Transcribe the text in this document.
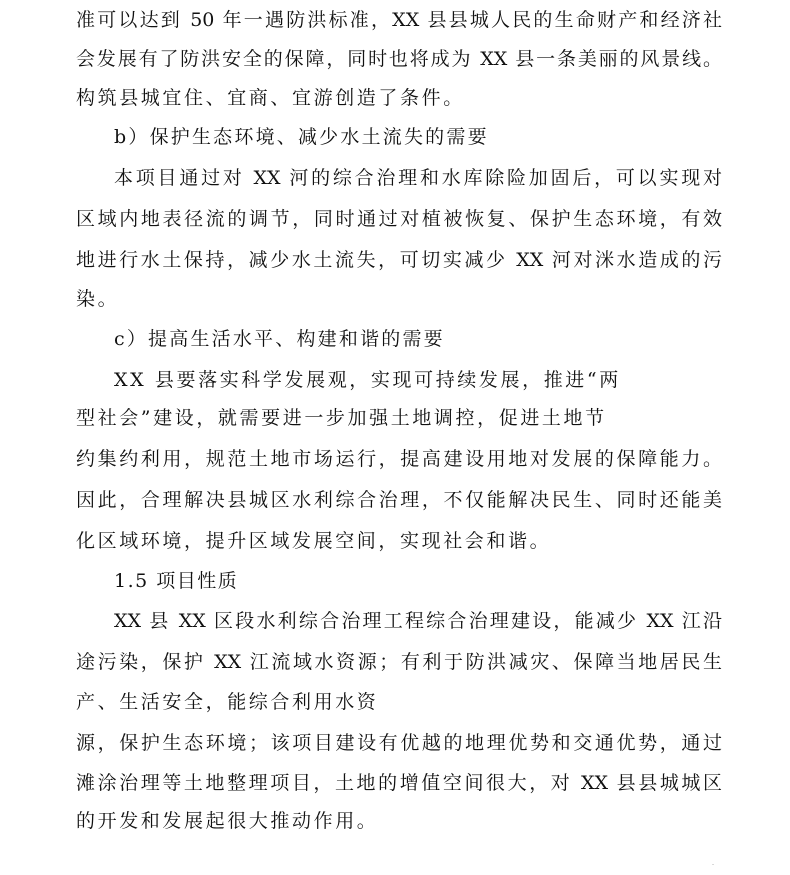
准可以达到 50 年一遇防洪标准，XX 县县城人民的生命财产和经济社
会发展有了防洪安全的保障，同时也将成为 XX 县一条美丽的风景线。
构筑县城宜住、宜商、宜游创造了条件。
b）保护生态环境、减少水土流失的需要
本项目通过对 XX 河的综合治理和水库除险加固后，可以实现对
区域内地表径流的调节，同时通过对植被恢复、保护生态环境，有效
地进行水土保持，减少水土流失，可切实减少 XX 河对洣水造成的污
染。
c）提高生活水平、构建和谐的需要
XX 县要落实科学发展观，实现可持续发展，推进“两
型社会”建设，就需要进一步加强土地调控，促进土地节
约集约利用，规范土地市场运行，提高建设用地对发展的保障能力。
因此，合理解决县城区水利综合治理，不仅能解决民生、同时还能美
化区域环境，提升区域发展空间，实现社会和谐。
1.5 项目性质
XX 县 XX 区段水利综合治理工程综合治理建设，能减少 XX 江沿
途污染，保护 XX 江流域水资源；有利于防洪减灾、保障当地居民生
产、生活安全，能综合利用水资
源，保护生态环境；该项目建设有优越的地理优势和交通优势，通过
滩涂治理等土地整理项目，土地的增值空间很大，对 XX 县县城城区
的开发和发展起很大推动作用。
ˑ
